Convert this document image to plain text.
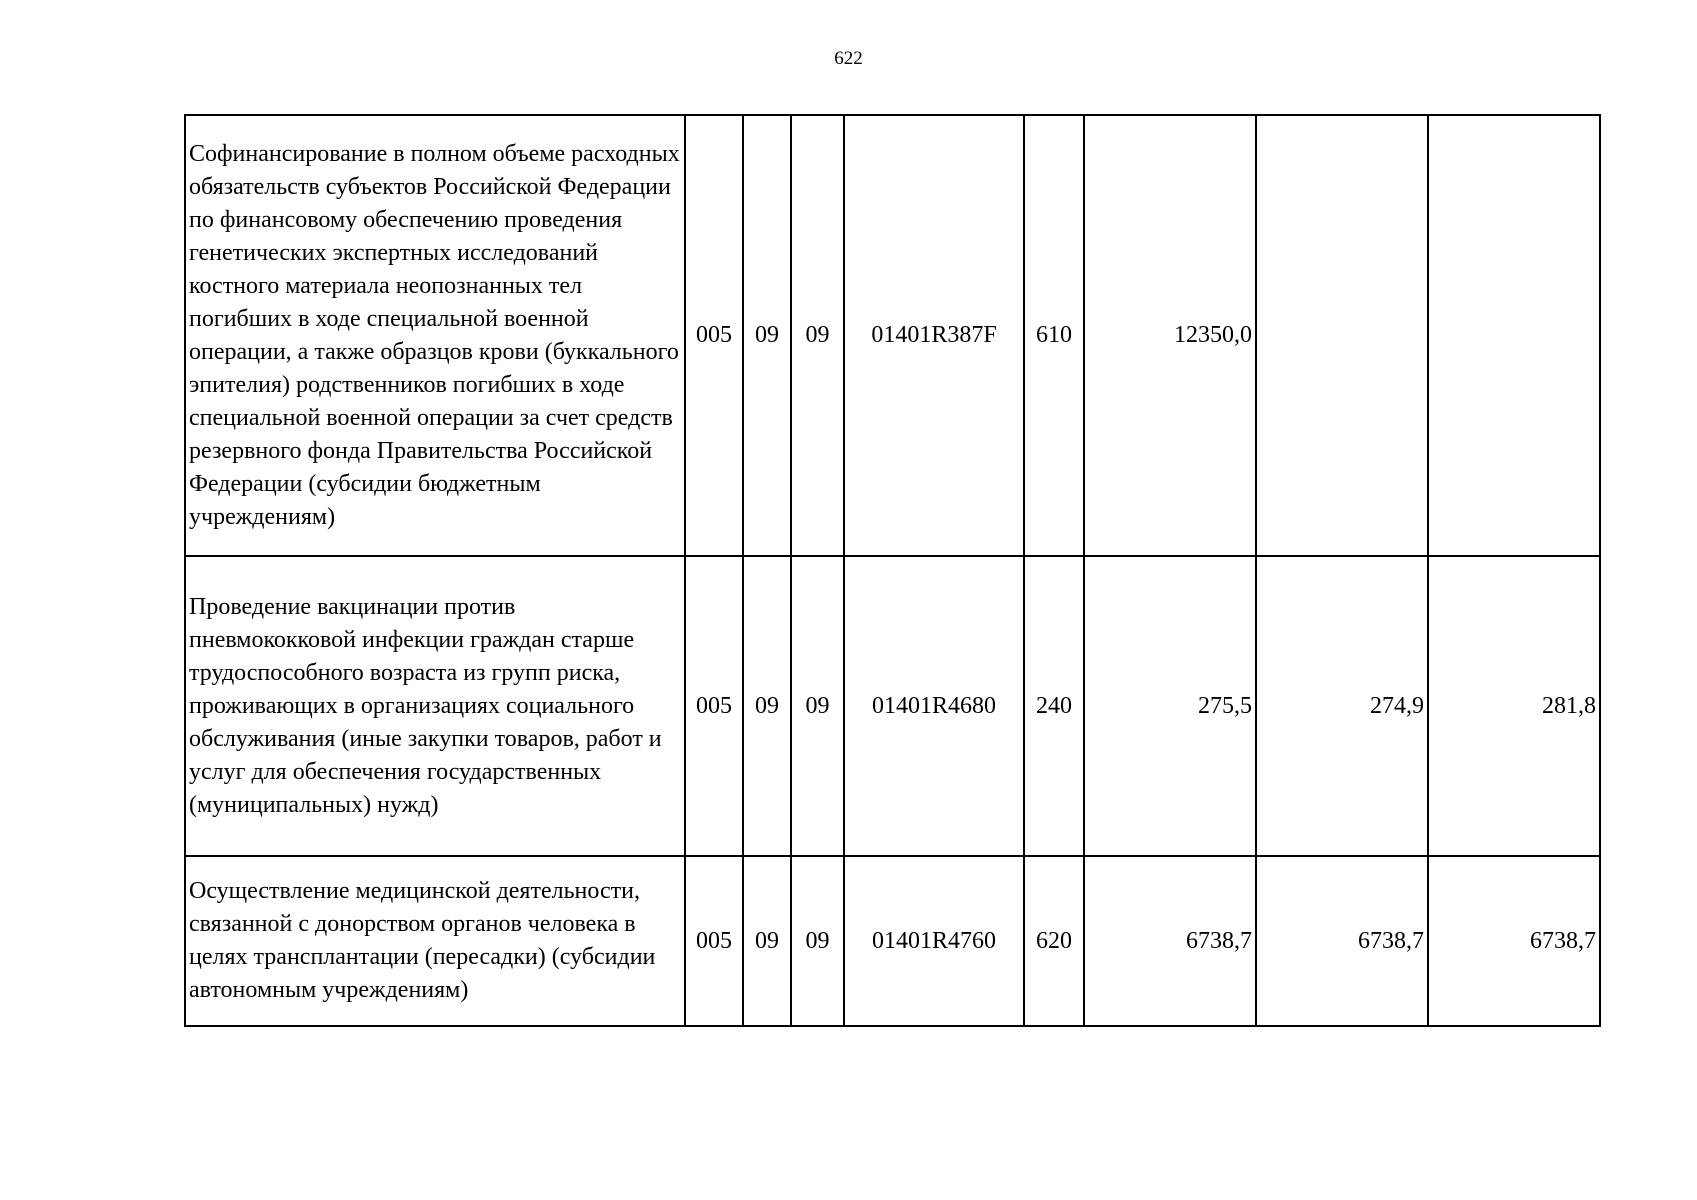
622
Софинансирование в полном объеме расходных обязательств субъектов Российской Федерации по финансовому обеспечению проведения генетических экспертных исследований костного материала неопознанных тел погибших в ходе специальной военной операции, а также образцов крови (буккального эпителия) родственников погибших в ходе специальной военной операции за счет средств резервного фонда Правительства Российской Федерации (субсидии бюджетным учреждениям)	005	09	09	01401R387F	610	12350,0		
Проведение вакцинации против пневмококковой инфекции граждан старше трудоспособного возраста из групп риска, проживающих в организациях социального обслуживания (иные закупки товаров, работ и услуг для обеспечения государственных (муниципальных) нужд)	005	09	09	01401R4680	240	275,5	274,9	281,8
Осуществление медицинской деятельности, связанной с донорством органов человека в целях трансплантации (пересадки) (субсидии автономным учреждениям)	005	09	09	01401R4760	620	6738,7	6738,7	6738,7
